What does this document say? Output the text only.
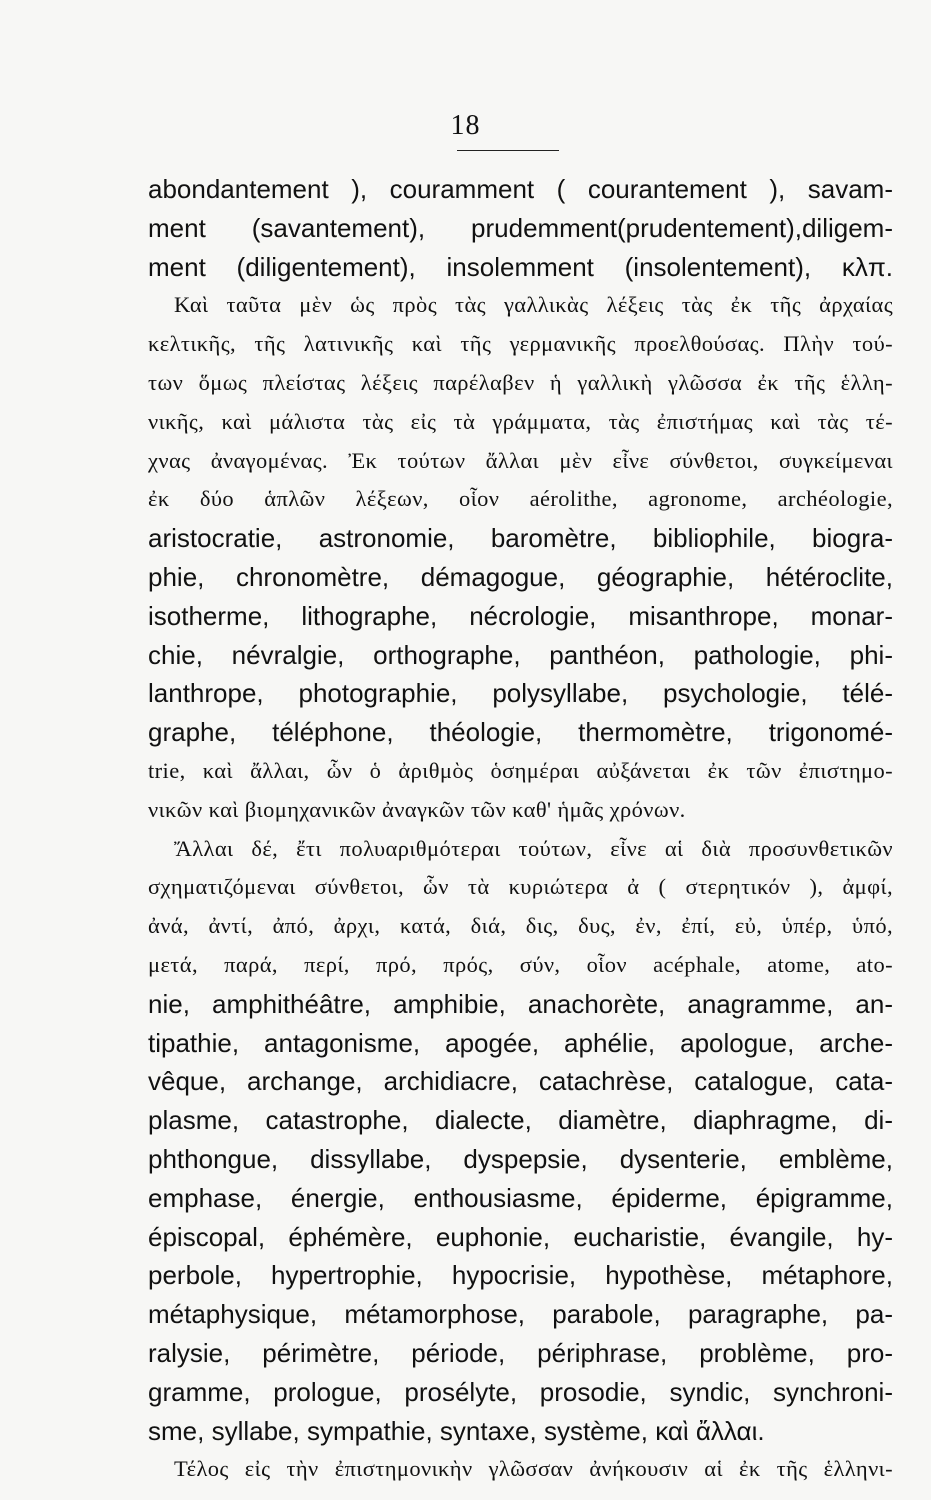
18
abondantement ), couramment ( courantement ), savam-
ment (savantement), prudemment(prudentement),diligem-
ment (diligentement), insolemment (insolentement), κλπ.
Καὶ ταῦτα μὲν ὡς πρὸς τὰς γαλλικὰς λέξεις τὰς ἐκ τῆς ἀρχαίας
κελτικῆς, τῆς λατινικῆς καὶ τῆς γερμανικῆς προελθούσας. Πλὴν τού-
των ὅμως πλείστας λέξεις παρέλαβεν ἡ γαλλικὴ γλῶσσα ἐκ τῆς ἑλλη-
νικῆς, καὶ μάλιστα τὰς εἰς τὰ γράμματα, τὰς ἐπιστήμας καὶ τὰς τέ-
χνας ἀναγομένας. Ἐκ τούτων ἄλλαι μὲν εἶνε σύνθετοι, συγκείμεναι
ἐκ δύο ἁπλῶν λέξεων, οἷον aérolithe, agronome, archéologie,
aristocratie, astronomie, baromètre, bibliophile, biogra-
phie, chronomètre, démagogue, géographie, hétéroclite,
isotherme, lithographe, nécrologie, misanthrope, monar-
chie, névralgie, orthographe, panthéon, pathologie, phi-
lanthrope, photographie, polysyllabe, psychologie, télé-
graphe, téléphone, théologie, thermomètre, trigonomé-
trie, καὶ ἄλλαι, ὧν ὁ ἀριθμὸς ὁσημέραι αὐξάνεται ἐκ τῶν ἐπιστημο-
νικῶν καὶ βιομηχανικῶν ἀναγκῶν τῶν καθ' ἡμᾶς χρόνων.
Ἄλλαι δέ, ἔτι πολυαριθμότεραι τούτων, εἶνε αἱ διὰ προσυνθετικῶν
σχηματιζόμεναι σύνθετοι, ὧν τὰ κυριώτερα ἀ ( στερητικόν ), ἀμφί,
ἀνά, ἀντί, ἀπό, ἀρχι, κατά, διά, δις, δυς, ἐν, ἐπί, εὐ, ὑπέρ, ὑπό,
μετά, παρά, περί, πρό, πρός, σύν, οἷον acéphale, atome, ato-
nie, amphithéâtre, amphibie, anachorète, anagramme, an-
tipathie, antagonisme, apogée, aphélie, apologue, arche-
vêque, archange, archidiacre, catachrèse, catalogue, cata-
plasme, catastrophe, dialecte, diamètre, diaphragme, di-
phthongue, dissyllabe, dyspepsie, dysenterie, emblème,
emphase, énergie, enthousiasme, épiderme, épigramme,
épiscopal, éphémère, euphonie, eucharistie, évangile, hy-
perbole, hypertrophie, hypocrisie, hypothèse, métaphore,
métaphysique, métamorphose, parabole, paragraphe, pa-
ralysie, périmètre, période, périphrase, problème, pro-
gramme, prologue, prosélyte, prosodie, syndic, synchroni-
sme, syllabe, sympathie, syntaxe, système, καὶ ἄλλαι.
Τέλος εἰς τὴν ἐπιστημονικὴν γλῶσσαν ἀνήκουσιν αἱ ἐκ τῆς ἑλληνι-
